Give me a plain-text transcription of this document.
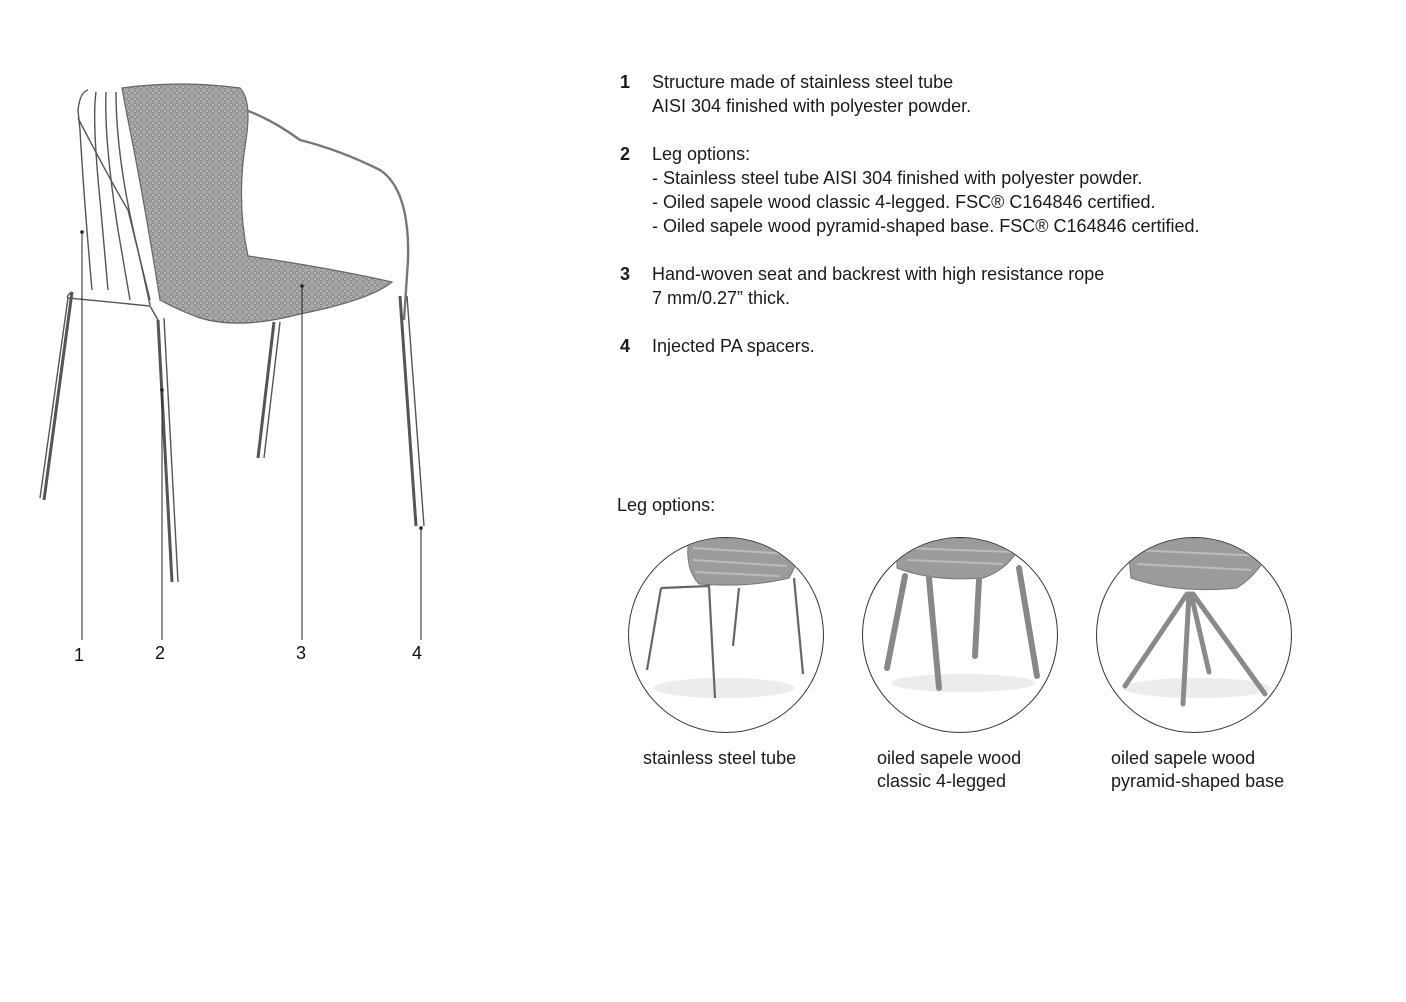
1	2	3	4
1	Structure made of stainless steel tube
AISI 304 finished with polyester powder.
2	Leg options:
- Stainless steel tube AISI 304 finished with polyester powder.
- Oiled sapele wood classic 4-legged. FSC® C164846 certified.
- Oiled sapele wood pyramid-shaped base. FSC® C164846 certified.
3	Hand-woven seat and backrest with high resistance rope
7 mm/0.27” thick.
4	Injected PA spacers.
Leg options:
stainless steel tube	oiled sapele wood
classic 4-legged
oiled sapele wood
pyramid-shaped base
